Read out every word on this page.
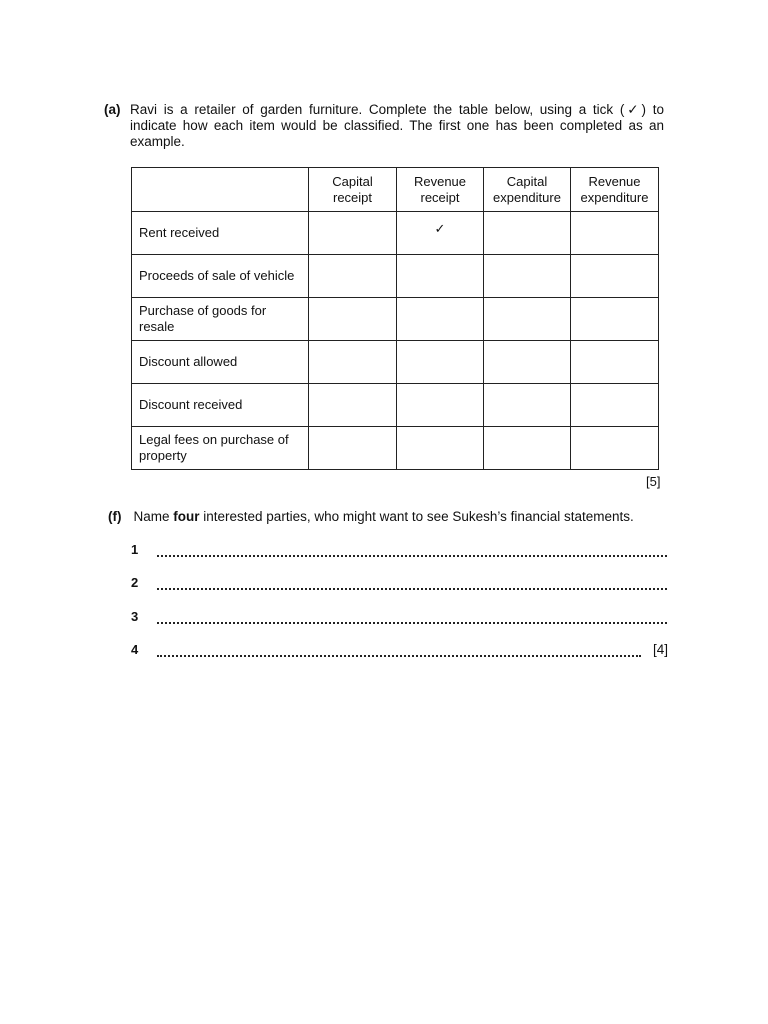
(a) Ravi is a retailer of garden furniture. Complete the table below, using a tick (✓) to indicate how each item would be classified. The first one has been completed as an example.
	Capital receipt	Revenue receipt	Capital expenditure	Revenue expenditure
Rent received		✓		
Proceeds of sale of vehicle				
Purchase of goods for resale				
Discount allowed				
Discount received				
Legal fees on purchase of property				
[5]
(f) Name four interested parties, who might want to see Sukesh’s financial statements.
1
2
3
4	[4]
